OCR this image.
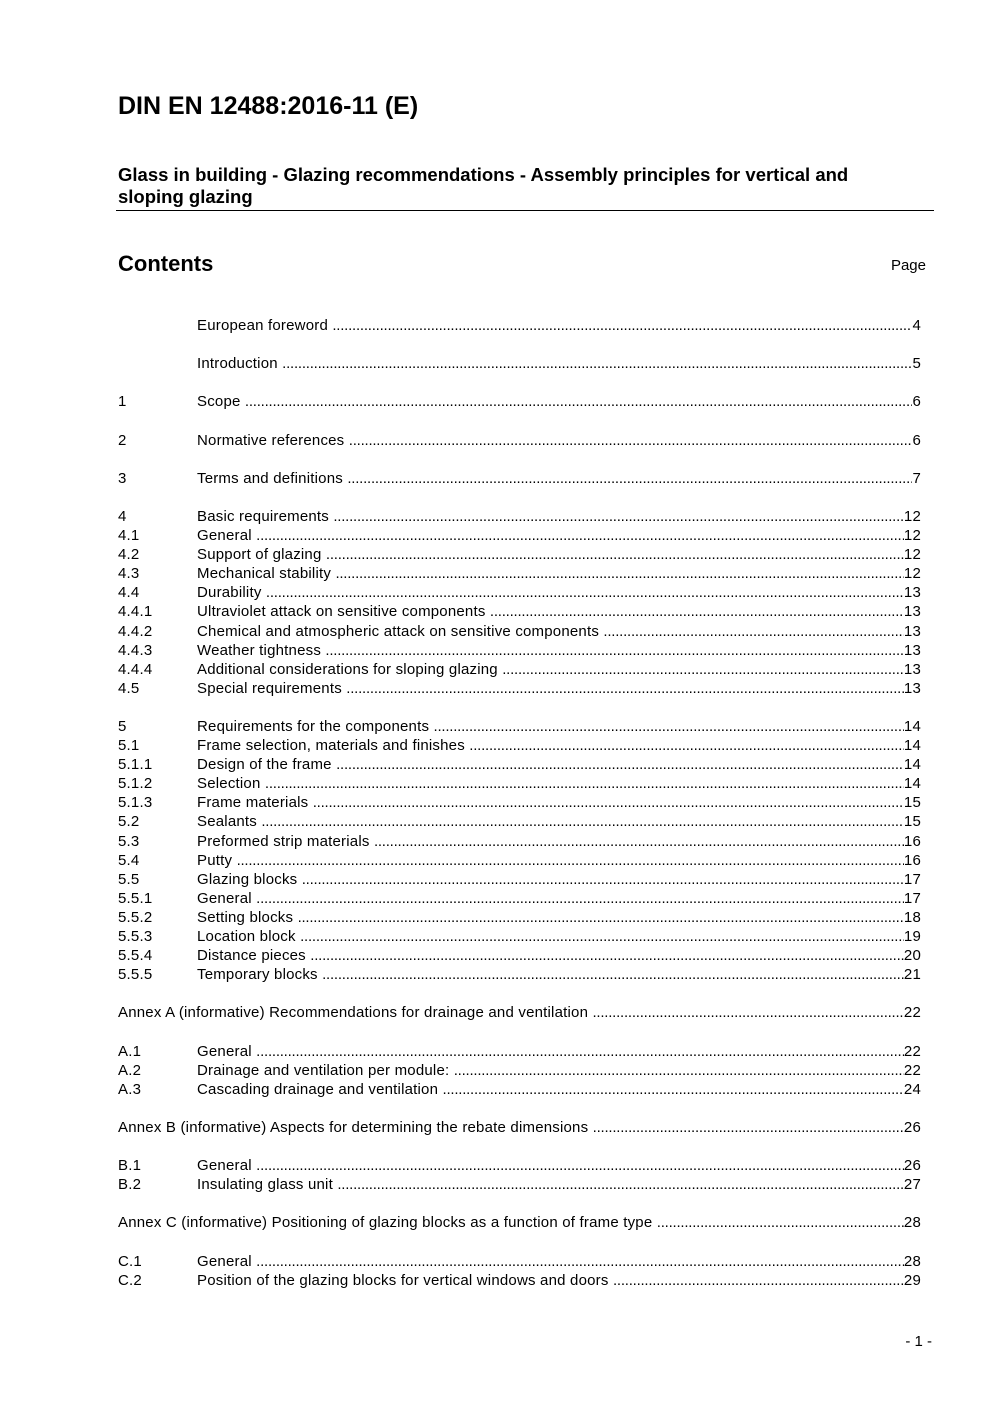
DIN EN 12488:2016-11 (E)
Glass in building - Glazing recommendations - Assembly principles for vertical and sloping glazing
Contents	Page
European foreword . . .	4
Introduction . . .	5
1	Scope . . .	6
2	Normative references . . .	6
3	Terms and definitions . . .	7
4	Basic requirements . . .	12
4.1	General . . .	12
4.2	Support of glazing . . .	12
4.3	Mechanical stability . . .	12
4.4	Durability . . .	13
4.4.1	Ultraviolet attack on sensitive components . . .	13
4.4.2	Chemical and atmospheric attack on sensitive components . . .	13
4.4.3	Weather tightness . . .	13
4.4.4	Additional considerations for sloping glazing . . .	13
4.5	Special requirements . . .	13
5	Requirements for the components . . .	14
5.1	Frame selection, materials and finishes . . .	14
5.1.1	Design of the frame . . .	14
5.1.2	Selection . . .	14
5.1.3	Frame materials . . .	15
5.2	Sealants . . .	15
5.3	Preformed strip materials . . .	16
5.4	Putty . . .	16
5.5	Glazing blocks . . .	17
5.5.1	General . . .	17
5.5.2	Setting blocks . . .	18
5.5.3	Location block . . .	19
5.5.4	Distance pieces . . .	20
5.5.5	Temporary blocks . . .	21
Annex A (informative) Recommendations for drainage and ventilation . . .	22
A.1	General . . .	22
A.2	Drainage and ventilation per module: . . .	22
A.3	Cascading drainage and ventilation . . .	24
Annex B (informative) Aspects for determining the rebate dimensions . . .	26
B.1	General . . .	26
B.2	Insulating glass unit . . .	27
Annex C (informative) Positioning of glazing blocks as a function of frame type . . .	28
C.1	General . . .	28
C.2	Position of the glazing blocks for vertical windows and doors . . .	29
- 1 -
